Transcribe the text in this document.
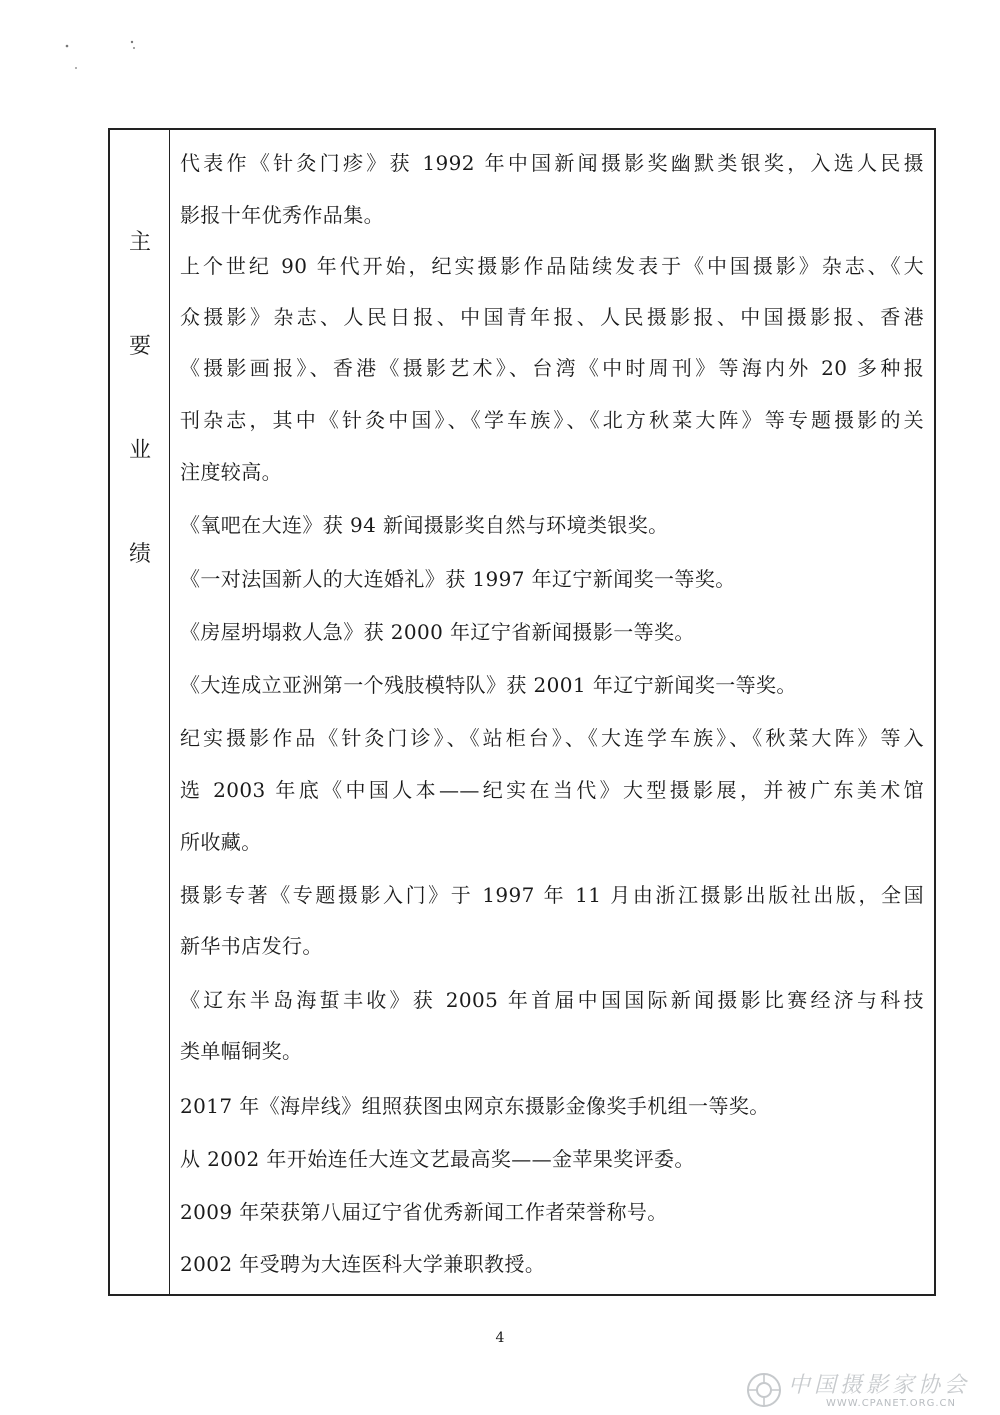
主
要
业
绩
代表作《针灸门疹》获 1992 年中国新闻摄影奖幽默类银奖，入选人民摄
影报十年优秀作品集。
上个世纪 90 年代开始，纪实摄影作品陆续发表于《中国摄影》杂志、《大
众摄影》杂志、人民日报、中国青年报、人民摄影报、中国摄影报、香港
《摄影画报》、香港《摄影艺术》、台湾《中时周刊》等海内外 20 多种报
刊杂志，其中《针灸中国》、《学车族》、《北方秋菜大阵》等专题摄影的关
注度较高。
《氧吧在大连》获 94 新闻摄影奖自然与环境类银奖。
《一对法国新人的大连婚礼》获 1997 年辽宁新闻奖一等奖。
《房屋坍塌救人急》获 2000 年辽宁省新闻摄影一等奖。
《大连成立亚洲第一个残肢模特队》获 2001 年辽宁新闻奖一等奖。
纪实摄影作品《针灸门诊》、《站柜台》、《大连学车族》、《秋菜大阵》等入
选 2003 年底《中国人本——纪实在当代》大型摄影展，并被广东美术馆
所收藏。
摄影专著《专题摄影入门》于 1997 年 11 月由浙江摄影出版社出版，全国
新华书店发行。
《辽东半岛海蜇丰收》获 2005 年首届中国国际新闻摄影比赛经济与科技
类单幅铜奖。
2017 年《海岸线》组照获图虫网京东摄影金像奖手机组一等奖。
从 2002 年开始连任大连文艺最高奖——金苹果奖评委。
2009 年荣获第八届辽宁省优秀新闻工作者荣誉称号。
2002 年受聘为大连医科大学兼职教授。
4
中国摄影家协会
WWW.CPANET.ORG.CN
